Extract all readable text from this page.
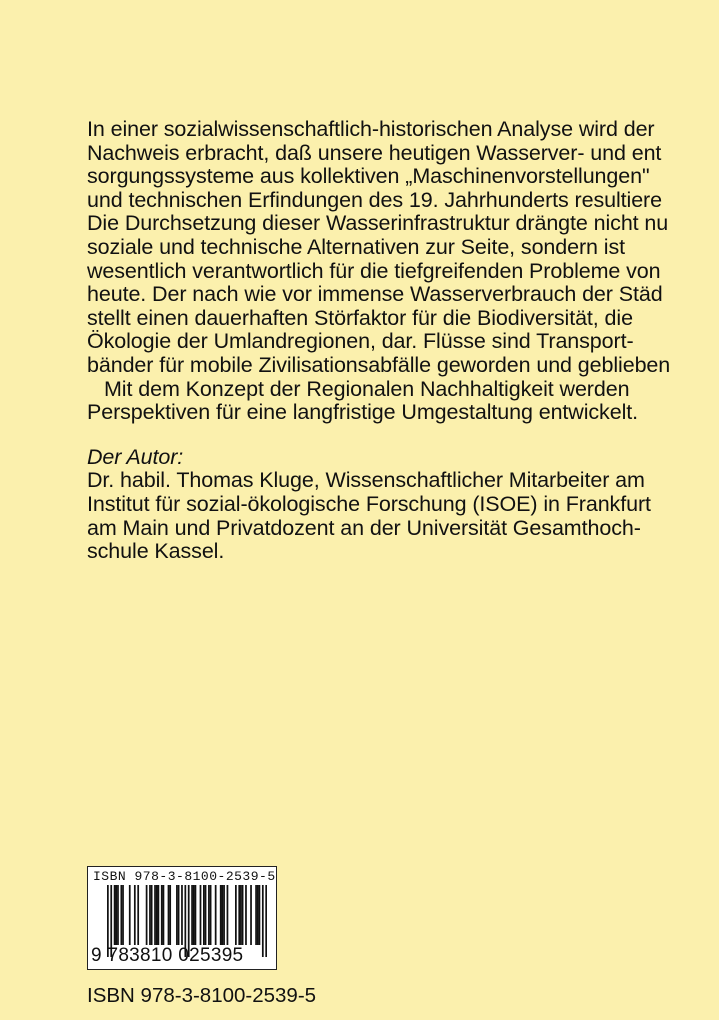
In einer sozialwissenschaftlich-historischen Analyse wird der
Nachweis erbracht, daß unsere heutigen Wasserver- und ent
sorgungssysteme aus kollektiven „Maschinenvorstellungen"
und technischen Erfindungen des 19. Jahrhunderts resultiere
Die Durchsetzung dieser Wasserinfrastruktur drängte nicht nu
soziale und technische Alternativen zur Seite, sondern ist
wesentlich verantwortlich für die tiefgreifenden Probleme von
heute. Der nach wie vor immense Wasserverbrauch der Städ
stellt einen dauerhaften Störfaktor für die Biodiversität, die
Ökologie der Umlandregionen, dar. Flüsse sind Transport-
bänder für mobile Zivilisationsabfälle geworden und geblieben
Mit dem Konzept der Regionalen Nachhaltigkeit werden
Perspektiven für eine langfristige Umgestaltung entwickelt.
Der Autor:
Dr. habil. Thomas Kluge, Wissenschaftlicher Mitarbeiter am
Institut für sozial-ökologische Forschung (ISOE) in Frankfurt
am Main und Privatdozent an der Universität Gesamthoch-
schule Kassel.
ISBN 978-3-8100-2539-5
9 783810 025395
ISBN 978-3-8100-2539-5
